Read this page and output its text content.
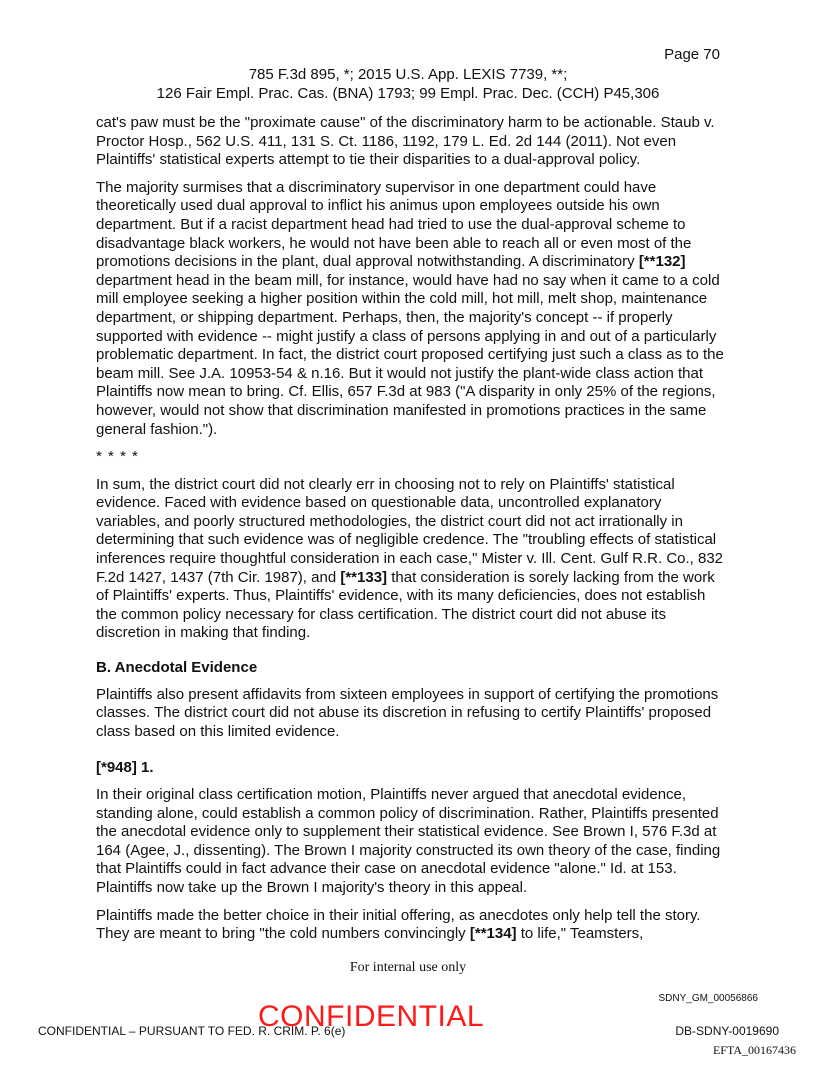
Page 70
785 F.3d 895, *; 2015 U.S. App. LEXIS 7739, **;
126 Fair Empl. Prac. Cas. (BNA) 1793; 99 Empl. Prac. Dec. (CCH) P45,306

cat's paw must be the "proximate cause" of the discriminatory harm to be actionable. Staub v. Proctor Hosp., 562 U.S. 411, 131 S. Ct. 1186, 1192, 179 L. Ed. 2d 144 (2011). Not even Plaintiffs' statistical experts attempt to tie their disparities to a dual-approval policy.

The majority surmises that a discriminatory supervisor in one department could have theoretically used dual approval to inflict his animus upon employees outside his own department. But if a racist department head had tried to use the dual-approval scheme to disadvantage black workers, he would not have been able to reach all or even most of the promotions decisions in the plant, dual approval notwithstanding. A discriminatory [**132] department head in the beam mill, for instance, would have had no say when it came to a cold mill employee seeking a higher position within the cold mill, hot mill, melt shop, maintenance department, or shipping department. Perhaps, then, the majority's concept -- if properly supported with evidence -- might justify a class of persons applying in and out of a particularly problematic department. In fact, the district court proposed certifying just such a class as to the beam mill. See J.A. 10953-54 & n.16. But it would not justify the plant-wide class action that Plaintiffs now mean to bring. Cf. Ellis, 657 F.3d at 983 ("A disparity in only 25% of the regions, however, would not show that discrimination manifested in promotions practices in the same general fashion.").

* * * *

In sum, the district court did not clearly err in choosing not to rely on Plaintiffs' statistical evidence. Faced with evidence based on questionable data, uncontrolled explanatory variables, and poorly structured methodologies, the district court did not act irrationally in determining that such evidence was of negligible credence. The "troubling effects of statistical inferences require thoughtful consideration in each case," Mister v. Ill. Cent. Gulf R.R. Co., 832 F.2d 1427, 1437 (7th Cir. 1987), and [**133] that consideration is sorely lacking from the work of Plaintiffs' experts. Thus, Plaintiffs' evidence, with its many deficiencies, does not establish the common policy necessary for class certification. The district court did not abuse its discretion in making that finding.

B. Anecdotal Evidence

Plaintiffs also present affidavits from sixteen employees in support of certifying the promotions classes. The district court did not abuse its discretion in refusing to certify Plaintiffs' proposed class based on this limited evidence.

[*948] 1.

In their original class certification motion, Plaintiffs never argued that anecdotal evidence, standing alone, could establish a common policy of discrimination. Rather, Plaintiffs presented the anecdotal evidence only to supplement their statistical evidence. See Brown I, 576 F.3d at 164 (Agee, J., dissenting). The Brown I majority constructed its own theory of the case, finding that Plaintiffs could in fact advance their case on anecdotal evidence "alone." Id. at 153. Plaintiffs now take up the Brown I majority's theory in this appeal.

Plaintiffs made the better choice in their initial offering, as anecdotes only help tell the story. They are meant to bring "the cold numbers convincingly [**134] to life," Teamsters,

For internal use only
SDNY_GM_00056866
CONFIDENTIAL – PURSUANT TO FED. R. CRIM. P. 6(e)
CONFIDENTIAL	DB-SDNY-0019690
EFTA_00167436
